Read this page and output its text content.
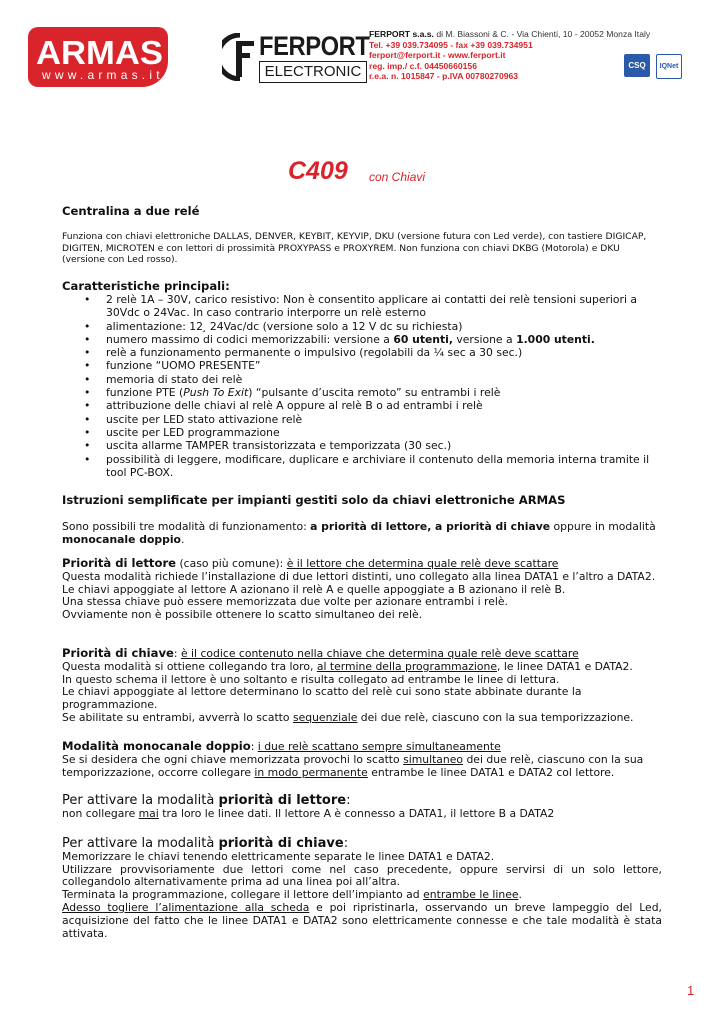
ARMAS
www.armas.it
FERPORT
ELECTRONIC
FERPORT s.a.s. di M. Biassoni & C. - Via Chienti, 10 - 20052 Monza Italy
Tel. +39 039.734095 - fax +39 039.734951
ferport@ferport.it - www.ferport.it
reg. imp./ c.f. 04450660156
r.e.a. n. 1015847 - p.IVA 00780270963
CSQ	IQNet
C409 con Chiavi
Centralina a due relé
Funziona con chiavi elettroniche DALLAS, DENVER, KEYBIT, KEYVIP, DKU (versione futura con Led verde), con tastiere DIGICAP, DIGITEN, MICROTEN e con lettori di prossimità PROXYPASS e PROXYREM. Non funziona con chiavi DKBG (Motorola) e DKU (versione con Led rosso).
Caratteristiche principali:
• 2 relè 1A – 30V, carico resistivo: Non è consentito applicare ai contatti dei relè tensioni superiori a 30Vdc o 24Vac. In caso contrario interporre un relè esterno
• alimentazione: 12 ̧ 24Vac/dc (versione solo a 12 V dc su richiesta)
• numero massimo di codici memorizzabili: versione a 60 utenti, versione a 1.000 utenti.
• relè a funzionamento permanente o impulsivo (regolabili da ¼ sec a 30 sec.)
• funzione “UOMO PRESENTE”
• memoria di stato dei relè
• funzione PTE (Push To Exit) “pulsante d’uscita remoto” su entrambi i relè
• attribuzione delle chiavi al relè A oppure al relè B o ad entrambi i relè
• uscite per LED stato attivazione relè
• uscite per LED programmazione
• uscita allarme TAMPER transistorizzata e temporizzata (30 sec.)
• possibilità di leggere, modificare, duplicare e archiviare il contenuto della memoria interna tramite il tool PC-BOX.
Istruzioni semplificate per impianti gestiti solo da chiavi elettroniche ARMAS
Sono possibili tre modalità di funzionamento: a priorità di lettore, a priorità di chiave oppure in modalità monocanale doppio.
Priorità di lettore (caso più comune): è il lettore che determina quale relè deve scattare
Questa modalità richiede l’installazione di due lettori distinti, uno collegato alla linea DATA1 e l’altro a DATA2.
Le chiavi appoggiate al lettore A azionano il relè A e quelle appoggiate a B azionano il relè B.
Una stessa chiave può essere memorizzata due volte per azionare entrambi i relè.
Ovviamente non è possibile ottenere lo scatto simultaneo dei relè.
Priorità di chiave: è il codice contenuto nella chiave che determina quale relè deve scattare
Questa modalità si ottiene collegando tra loro, al termine della programmazione, le linee DATA1 e DATA2.
In questo schema il lettore è uno soltanto e risulta collegato ad entrambe le linee di lettura.
Le chiavi appoggiate al lettore determinano lo scatto del relè cui sono state abbinate durante la programmazione.
Se abilitate su entrambi, avverrà lo scatto sequenziale dei due relè, ciascuno con la sua temporizzazione.
Modalità monocanale doppio: i due relè scattano sempre simultaneamente
Se si desidera che ogni chiave memorizzata provochi lo scatto simultaneo dei due relè, ciascuno con la sua temporizzazione, occorre collegare in modo permanente entrambe le linee DATA1 e DATA2 col lettore.
Per attivare la modalità priorità di lettore:
non collegare mai tra loro le linee dati. Il lettore A è connesso a DATA1, il lettore B a DATA2
Per attivare la modalità priorità di chiave:
Memorizzare le chiavi tenendo elettricamente separate le linee DATA1 e DATA2.
Utilizzare provvisoriamente due lettori come nel caso precedente, oppure servirsi di un solo lettore, collegandolo alternativamente prima ad una linea poi all’altra.
Terminata la programmazione, collegare il lettore dell’impianto ad entrambe le linee.
Adesso togliere l’alimentazione alla scheda e poi ripristinarla, osservando un breve lampeggio del Led, acquisizione del fatto che le linee DATA1 e DATA2 sono elettricamente connesse e che tale modalità è stata attivata.
1
